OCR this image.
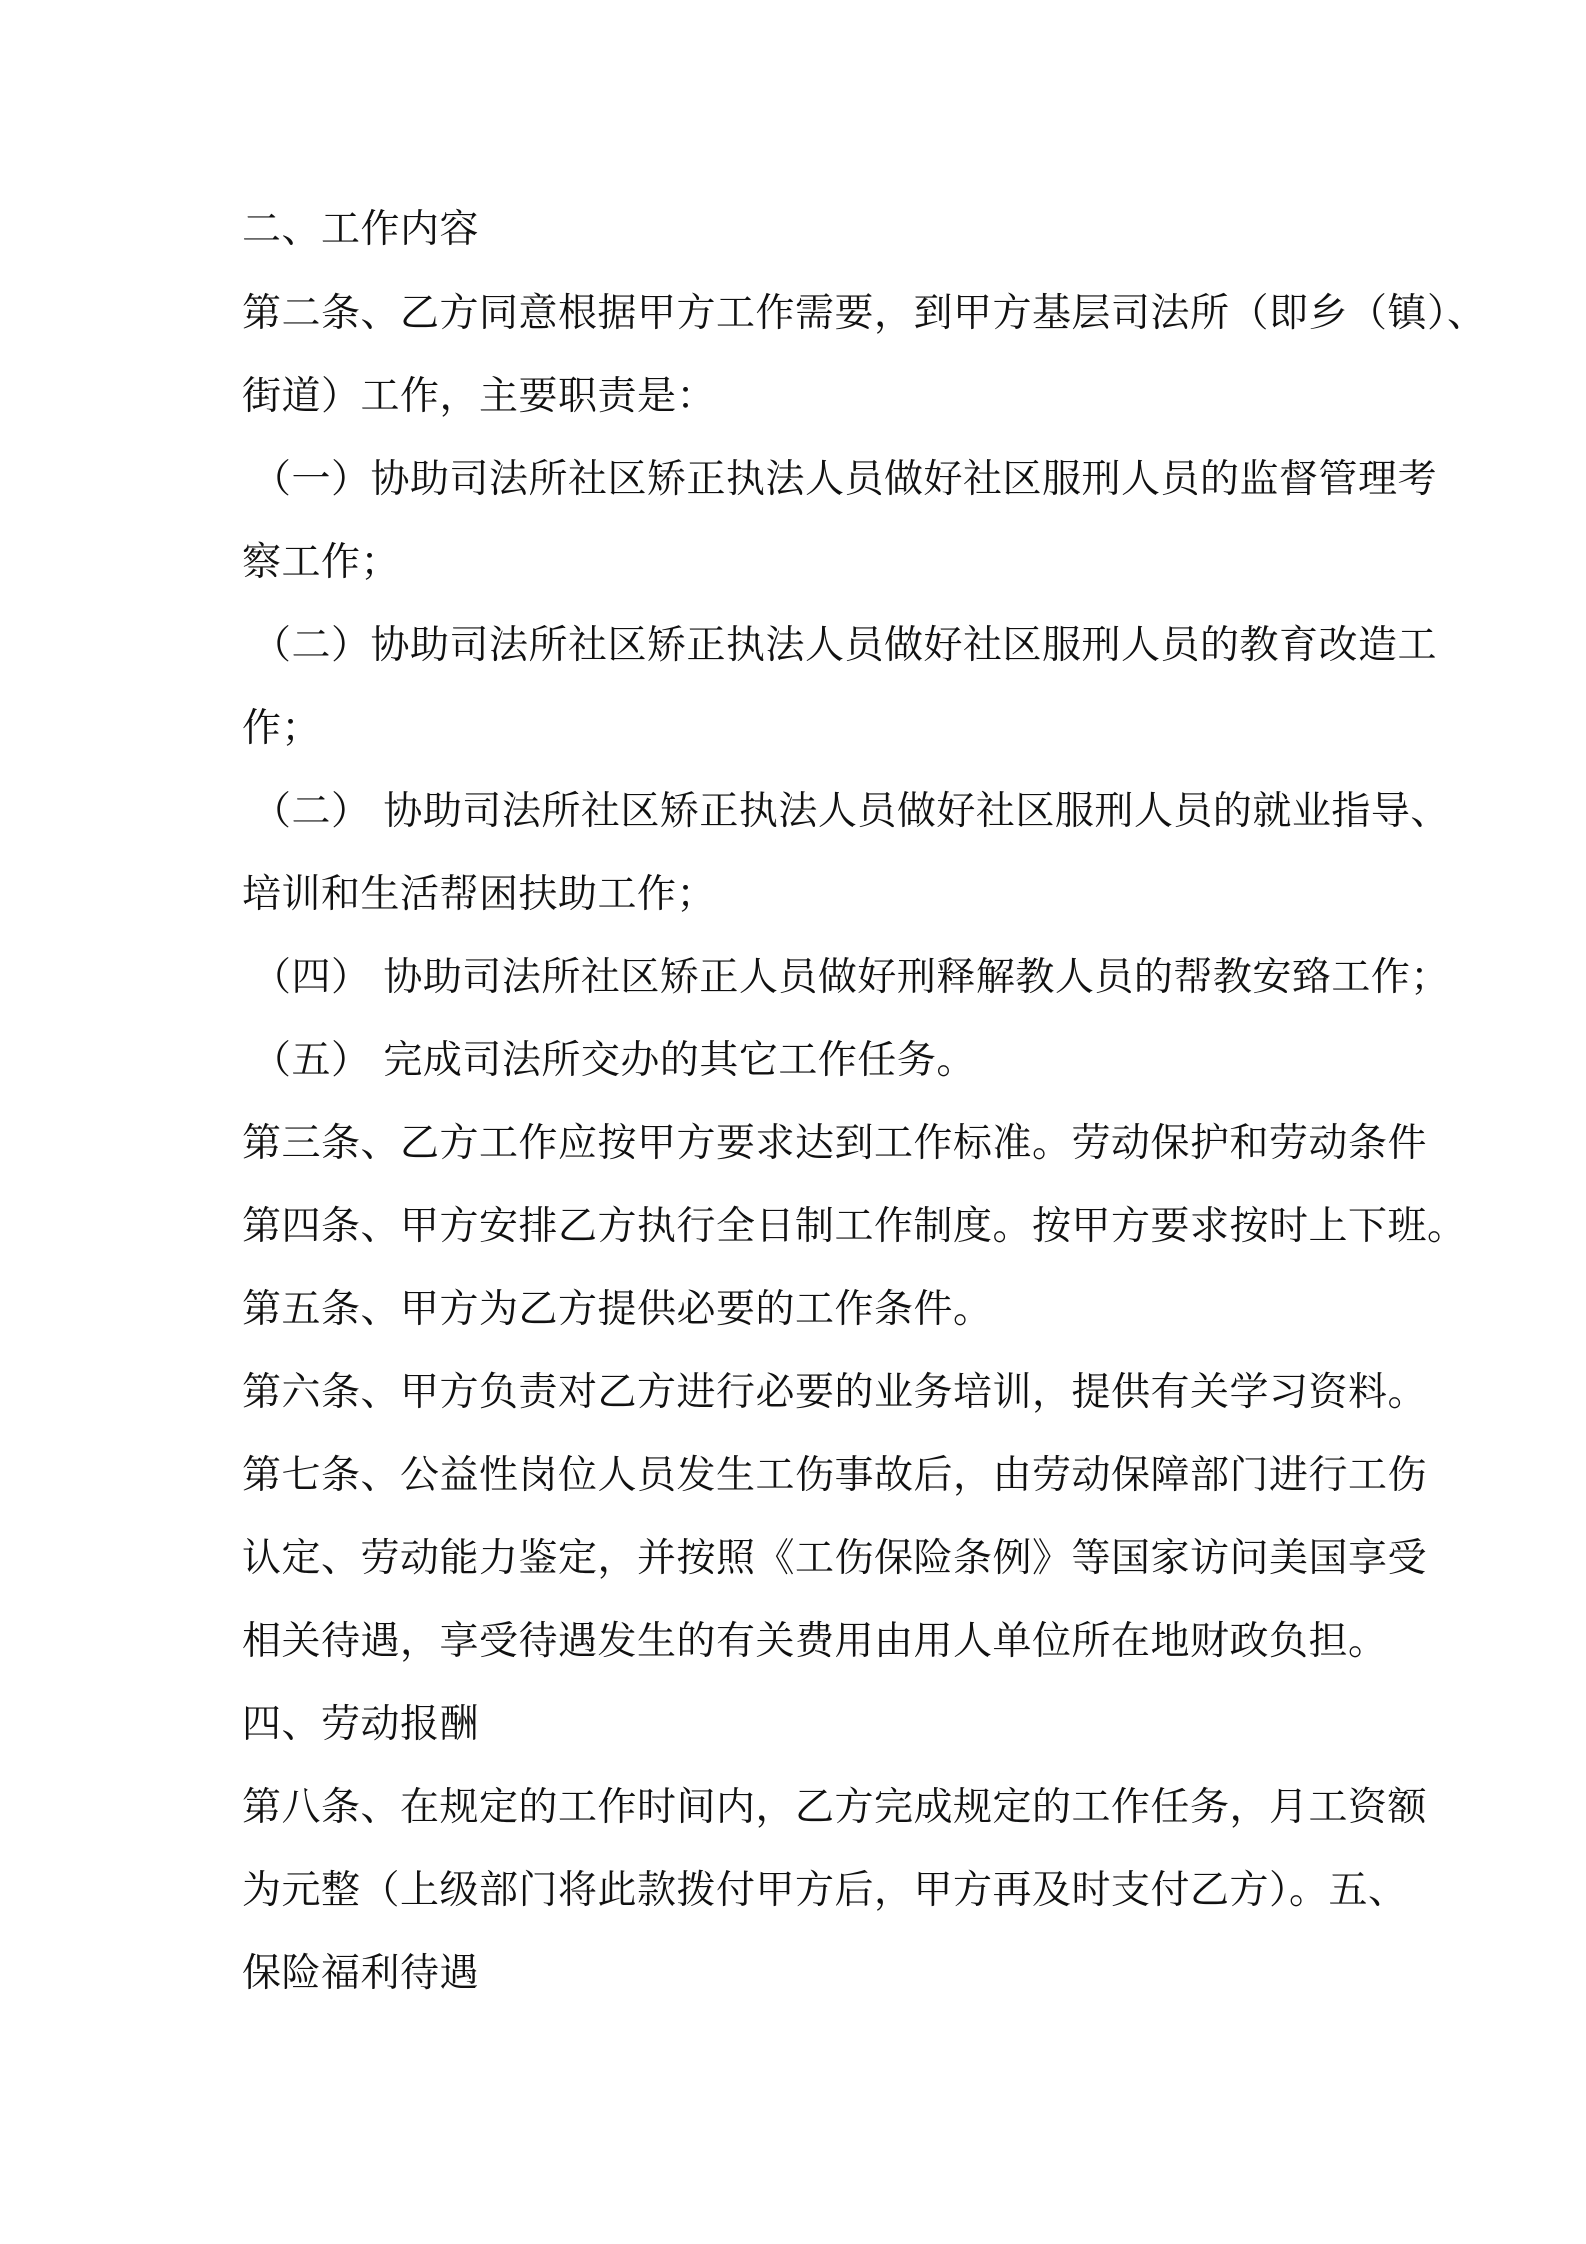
二、工作内容
第二条、乙方同意根据甲方工作需要，到甲方基层司法所（即乡（镇）、
街道）工作，主要职责是：
（一）协助司法所社区矫正执法人员做好社区服刑人员的监督管理考
察工作；
（二）协助司法所社区矫正执法人员做好社区服刑人员的教育改造工
作；
（二） 协助司法所社区矫正执法人员做好社区服刑人员的就业指导、
培训和生活帮困扶助工作；
（四） 协助司法所社区矫正人员做好刑释解教人员的帮教安臵工作；
（五） 完成司法所交办的其它工作任务。
第三条、乙方工作应按甲方要求达到工作标准。劳动保护和劳动条件
第四条、甲方安排乙方执行全日制工作制度。按甲方要求按时上下班。
第五条、甲方为乙方提供必要的工作条件。
第六条、甲方负责对乙方进行必要的业务培训，提供有关学习资料。
第七条、公益性岗位人员发生工伤事故后，由劳动保障部门进行工伤
认定、劳动能力鉴定，并按照《工伤保险条例》等国家访问美国享受
相关待遇，享受待遇发生的有关费用由用人单位所在地财政负担。
四、劳动报酬
第八条、在规定的工作时间内，乙方完成规定的工作任务，月工资额
为元整（上级部门将此款拨付甲方后，甲方再及时支付乙方）。五、
保险福利待遇
